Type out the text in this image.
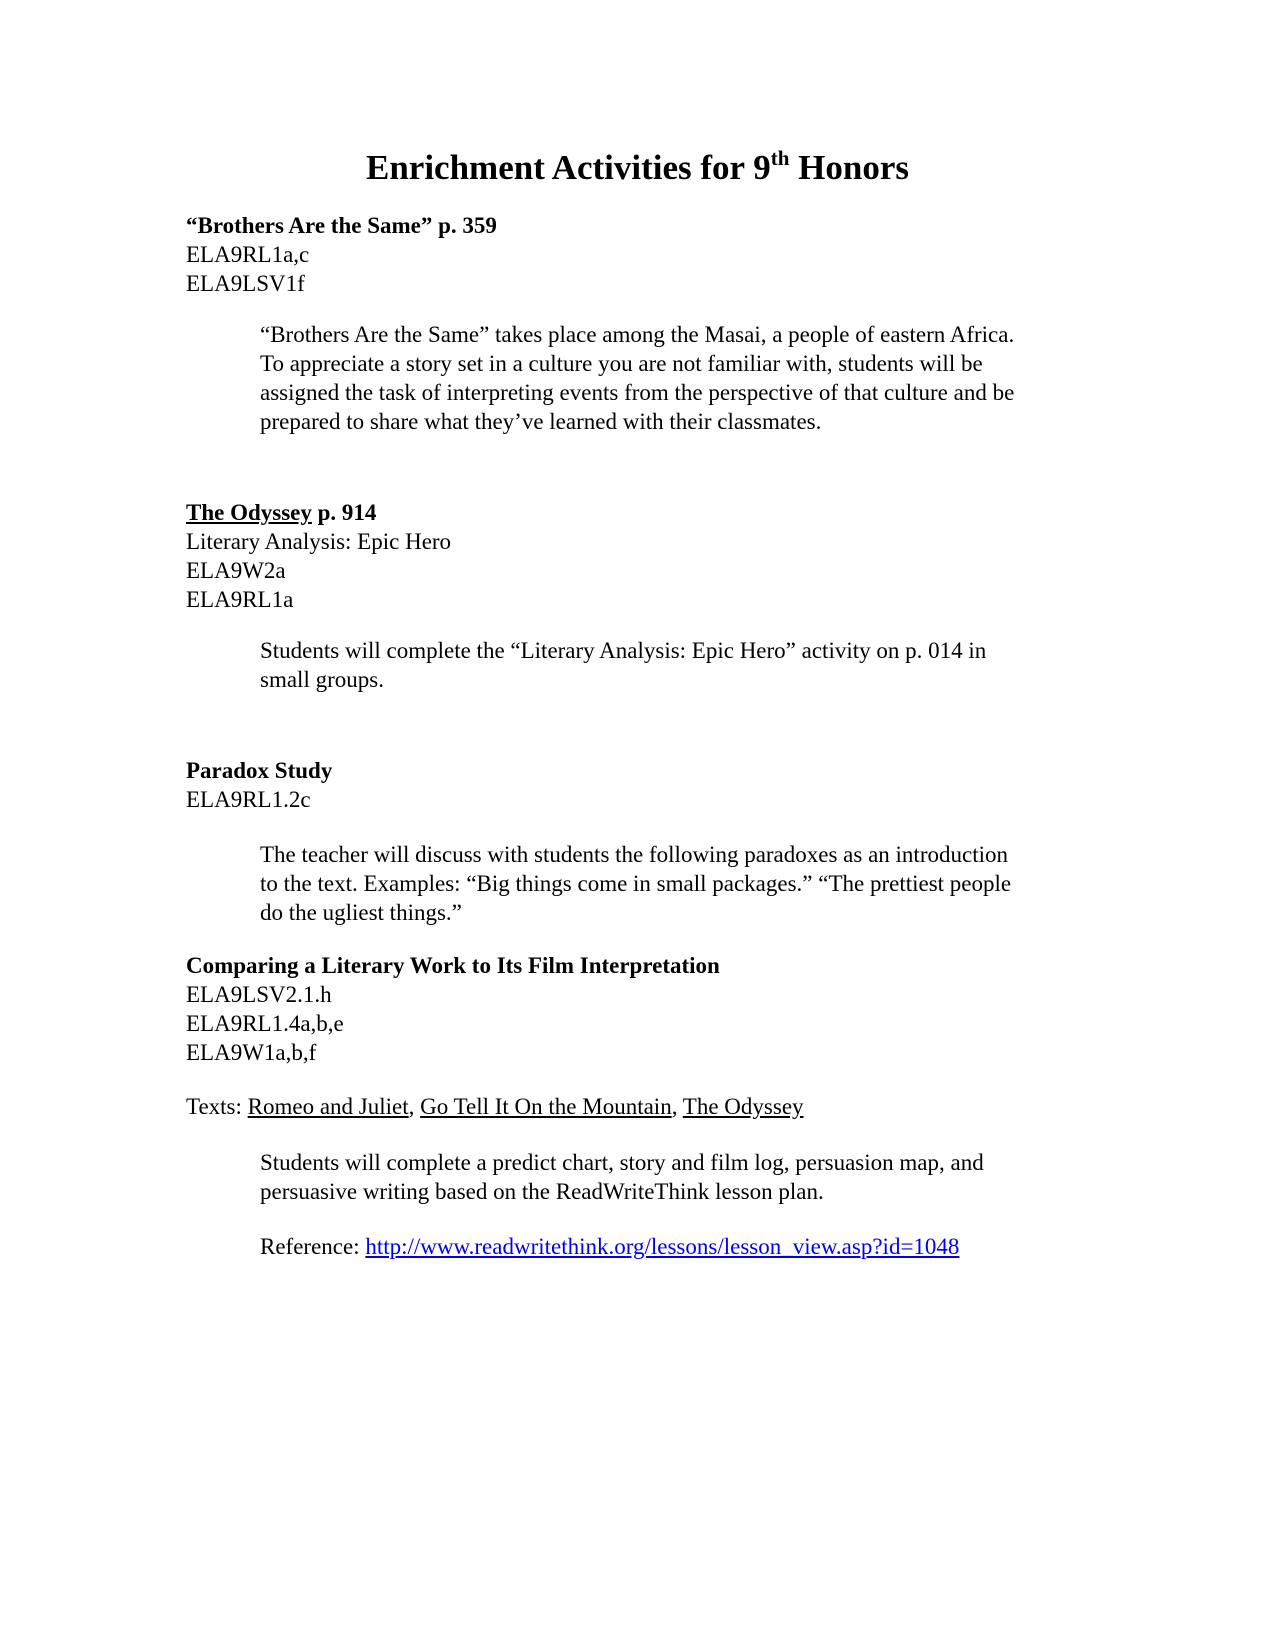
Enrichment Activities for 9th Honors

“Brothers Are the Same” p. 359

ELA9RL1a,c

ELA9LSV1f

“Brothers Are the Same” takes place among the Masai, a people of eastern Africa.

To appreciate a story set in a culture you are not familiar with, students will be

assigned the task of interpreting events from the perspective of that culture and be

prepared to share what they’ve learned with their classmates.

The Odyssey p. 914

Literary Analysis: Epic Hero

ELA9W2a

ELA9RL1a

Students will complete the “Literary Analysis: Epic Hero” activity on p. 014 in

small groups.

Paradox Study

ELA9RL1.2c

The teacher will discuss with students the following paradoxes as an introduction

to the text. Examples: “Big things come in small packages.” “The prettiest people

do the ugliest things.”

Comparing a Literary Work to Its Film Interpretation

ELA9LSV2.1.h

ELA9RL1.4a,b,e

ELA9W1a,b,f

Texts: Romeo and Juliet, Go Tell It On the Mountain, The Odyssey

Students will complete a predict chart, story and film log, persuasion map, and

persuasive writing based on the ReadWriteThink lesson plan.

Reference: http://www.readwritethink.org/lessons/lesson_view.asp?id=1048
